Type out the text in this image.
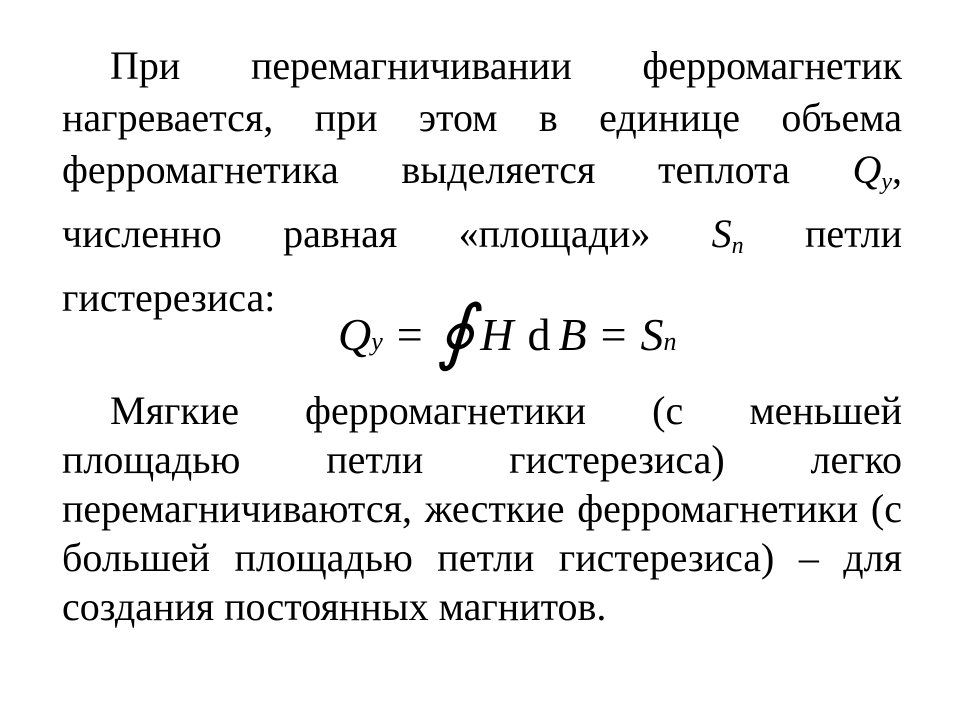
При перемагничивании ферромагнетик нагревается, при этом в единице объема ферромагнетика выделяется теплота $Q_y$, численно равная «площади» $S_n$ петли гистерезиса:

Q y = ∮ H d B = S n

Мягкие ферромагнетики (с меньшей площадью петли гистерезиса) легко перемагничиваются, жесткие ферромагнетики (с большей площадью петли гистерезиса) – для создания постоянных магнитов.
